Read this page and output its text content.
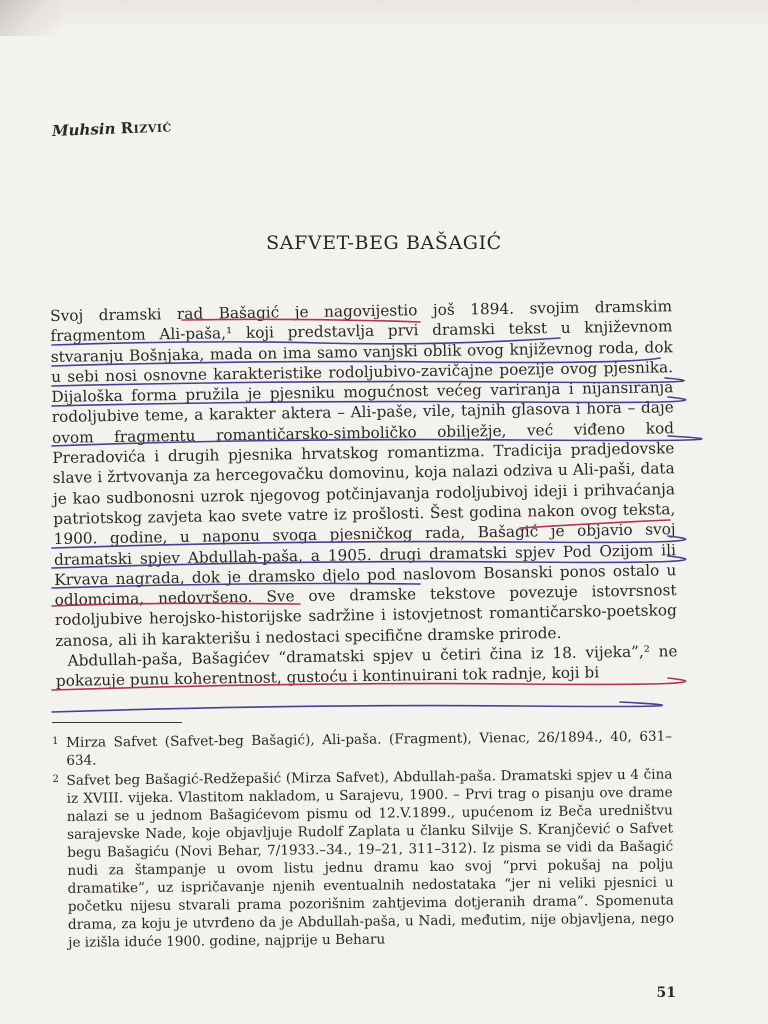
Muhsin Rizvić
SAFVET-BEG BAŠAGIĆ

Svoj dramski rad Bašagić je nagovijestio još 1894. svojim dramskim fragmentom Ali-paša,¹ koji predstavlja prvi dramski tekst u književnom stvaranju Bošnjaka, mada on ima samo vanjski oblik ovog književnog roda, dok u sebi nosi osnovne karakteristike rodoljubivo-zavičajne poezije ovog pjesnika. Dijaloška forma pružila je pjesniku mogućnost većeg variranja i nijansiranja rodoljubive teme, a karakter aktera – Ali-paše, vile, tajnih glasova i hora – daje ovom fragmentu romantičarsko-simboličko obilježje, već viđeno kod Preradovića i drugih pjesnika hrvatskog romantizma. Tradicija pradjedovske slave i žrtvovanja za hercegovačku domovinu, koja nalazi odziva u Ali-paši, data je kao sudbonosni uzrok njegovog potčinjavanja rodoljubivoj ideji i prihvaćanja patriotskog zavjeta kao svete vatre iz prošlosti. Šest godina nakon ovog teksta, 1900. godine, u naponu svoga pjesničkog rada, Bašagić je objavio svoj dramatski spjev Abdullah-paša, a 1905. drugi dramatski spjev Pod Ozijom ili Krvava nagrada, dok je dramsko djelo pod naslovom Bosanski ponos ostalo u odlomcima, nedovršeno. Sve ove dramske tekstove povezuje istovrsnost rodoljubive herojsko-historijske sadržine i istovjetnost romantičarsko-poetskog zanosa, ali ih karakterišu i nedostaci specifične dramske prirode.

Abdullah-paša, Bašagićev “dramatski spjev u četiri čina iz 18. vijeka”,² ne pokazuje punu koherentnost, gustoću i kontinuirani tok radnje, koji bi

1 Mirza Safvet (Safvet-beg Bašagić), Ali-paša. (Fragment), Vienac, 26/1894., 40, 631–634.
2 Safvet beg Bašagić-Redžepašić (Mirza Safvet), Abdullah-paša. Dramatski spjev u 4 čina iz XVIII. vijeka. Vlastitom nakladom, u Sarajevu, 1900. – Prvi trag o pisanju ove drame nalazi se u jednom Bašagićevom pismu od 12.V.1899., upućenom iz Beča uredništvu sarajevske Nade, koje objavljuje Rudolf Zaplata u članku Silvije S. Kranjčević o Safvet begu Bašagiću (Novi Behar, 7/1933.–34., 19–21, 311–312). Iz pisma se vidi da Bašagić nudi za štampanje u ovom listu jednu dramu kao svoj “prvi pokušaj na polju dramatike”, uz ispričavanje njenih eventualnih nedostataka “jer ni veliki pjesnici u početku nijesu stvarali prama pozorišnim zahtjevima dotjeranih drama”. Spomenuta drama, za koju je utvrđeno da je Abdullah-paša, u Nadi, međutim, nije objavljena, nego je izišla iduće 1900. godine, najprije u Beharu
51
